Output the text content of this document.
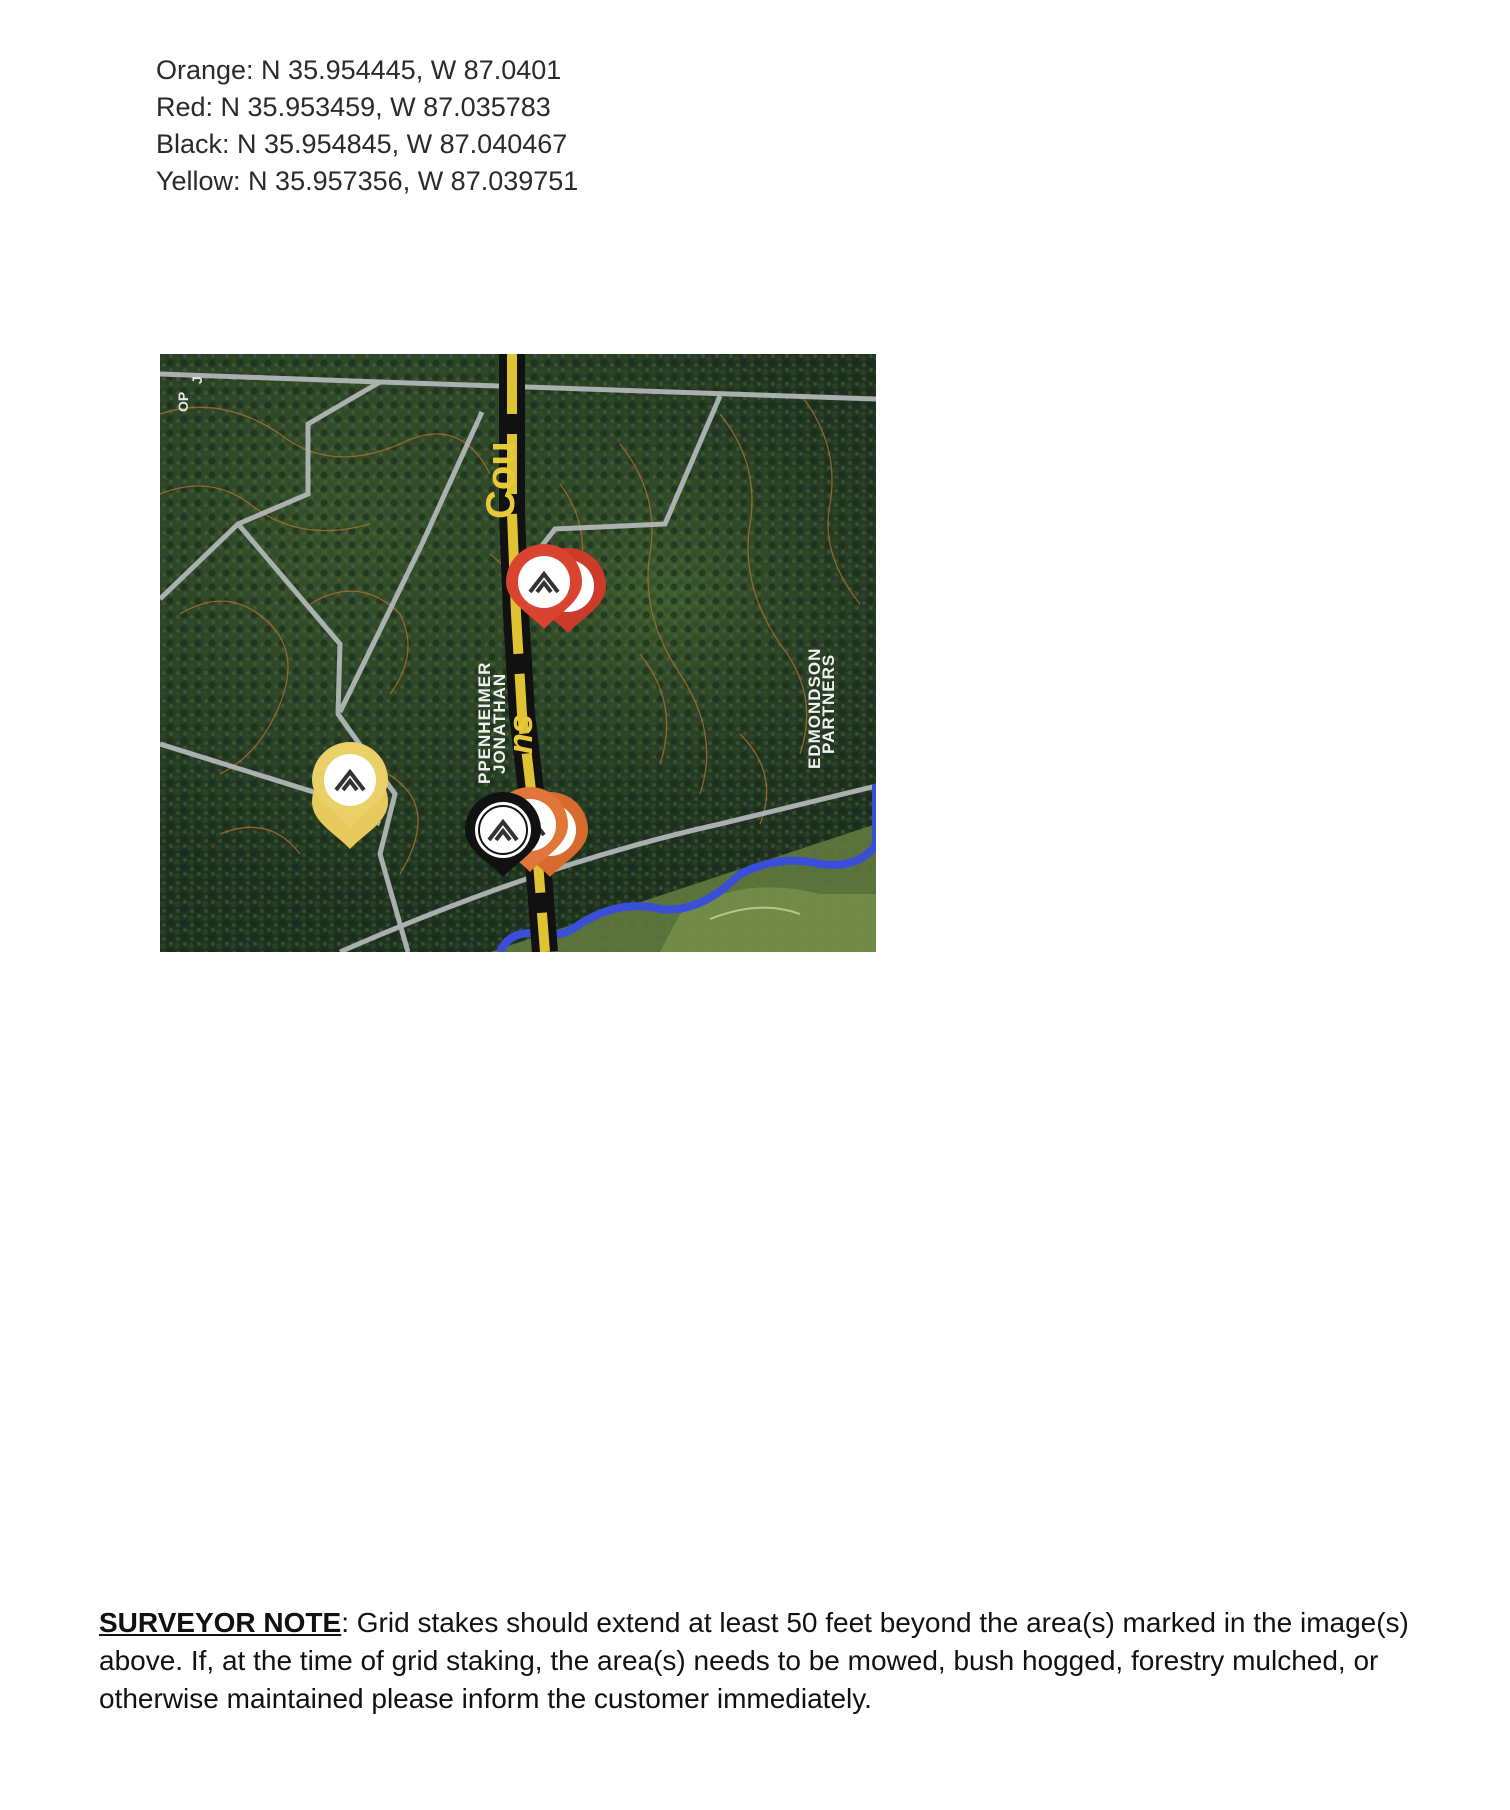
Orange: N 35.954445, W 87.0401
Red: N 35.953459, W 87.035783
Black: N 35.954845, W 87.040467
Yellow: N 35.957356, W 87.039751
Cou
ns
OP
J
PPENHEIMER
JONATHAN	EDMONDSON
PARTNERS
SURVEYOR NOTE: Grid stakes should extend at least 50 feet beyond the area(s) marked in the image(s) above. If, at the time of grid staking, the area(s) needs to be mowed, bush hogged, forestry mulched, or otherwise maintained please inform the customer immediately.
